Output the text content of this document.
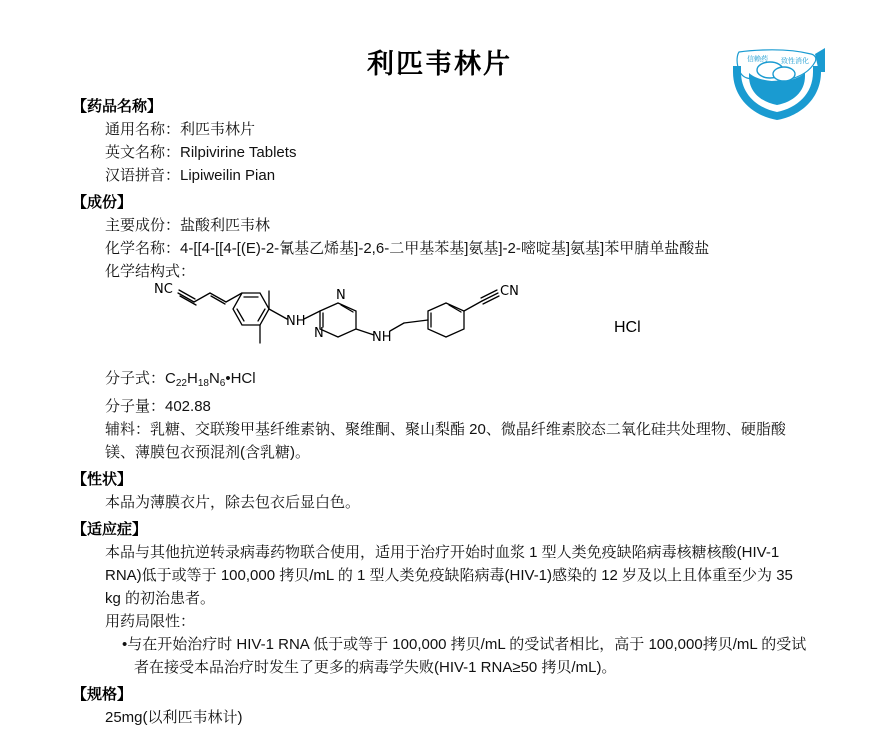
利匹韦林片	信赖药 致性消化
【药品名称】
通用名称：利匹韦林片
英文名称：Rilpivirine Tablets
汉语拼音：Lipiweilin Pian
【成份】
主要成份：盐酸利匹韦林
化学名称：4-[[4-[[4-[(E)-2-氰基乙烯基]-2,6-二甲基苯基]氨基]-2-嘧啶基]氨基]苯甲腈单盐酸盐
化学结构式：
NC	CN
NH
NH
N
N	HCl
分子式：$C_{22}H_{18}N_6•HCl$
分子量：402.88
辅料：乳糖、交联羧甲基纤维素钠、聚维酮、聚山梨酯 20、微晶纤维素胶态二氧化硅共处理物、硬脂酸镁、薄膜包衣预混剂(含乳糖)。
【性状】
本品为薄膜衣片，除去包衣后显白色。
【适应症】
本品与其他抗逆转录病毒药物联合使用，适用于治疗开始时血浆 1 型人类免疫缺陷病毒核糖核酸(HIV-1 RNA)低于或等于 100,000 拷贝/mL 的 1 型人类免疫缺陷病毒(HIV-1)感染的 12 岁及以上且体重至少为 35 kg 的初治患者。
用药局限性：
•与在开始治疗时 HIV-1 RNA 低于或等于 100,000 拷贝/mL 的受试者相比，高于 100,000拷贝/mL 的受试者在接受本品治疗时发生了更多的病毒学失败(HIV-1 RNA≥50 拷贝/mL)。
【规格】
25mg(以利匹韦林计)
